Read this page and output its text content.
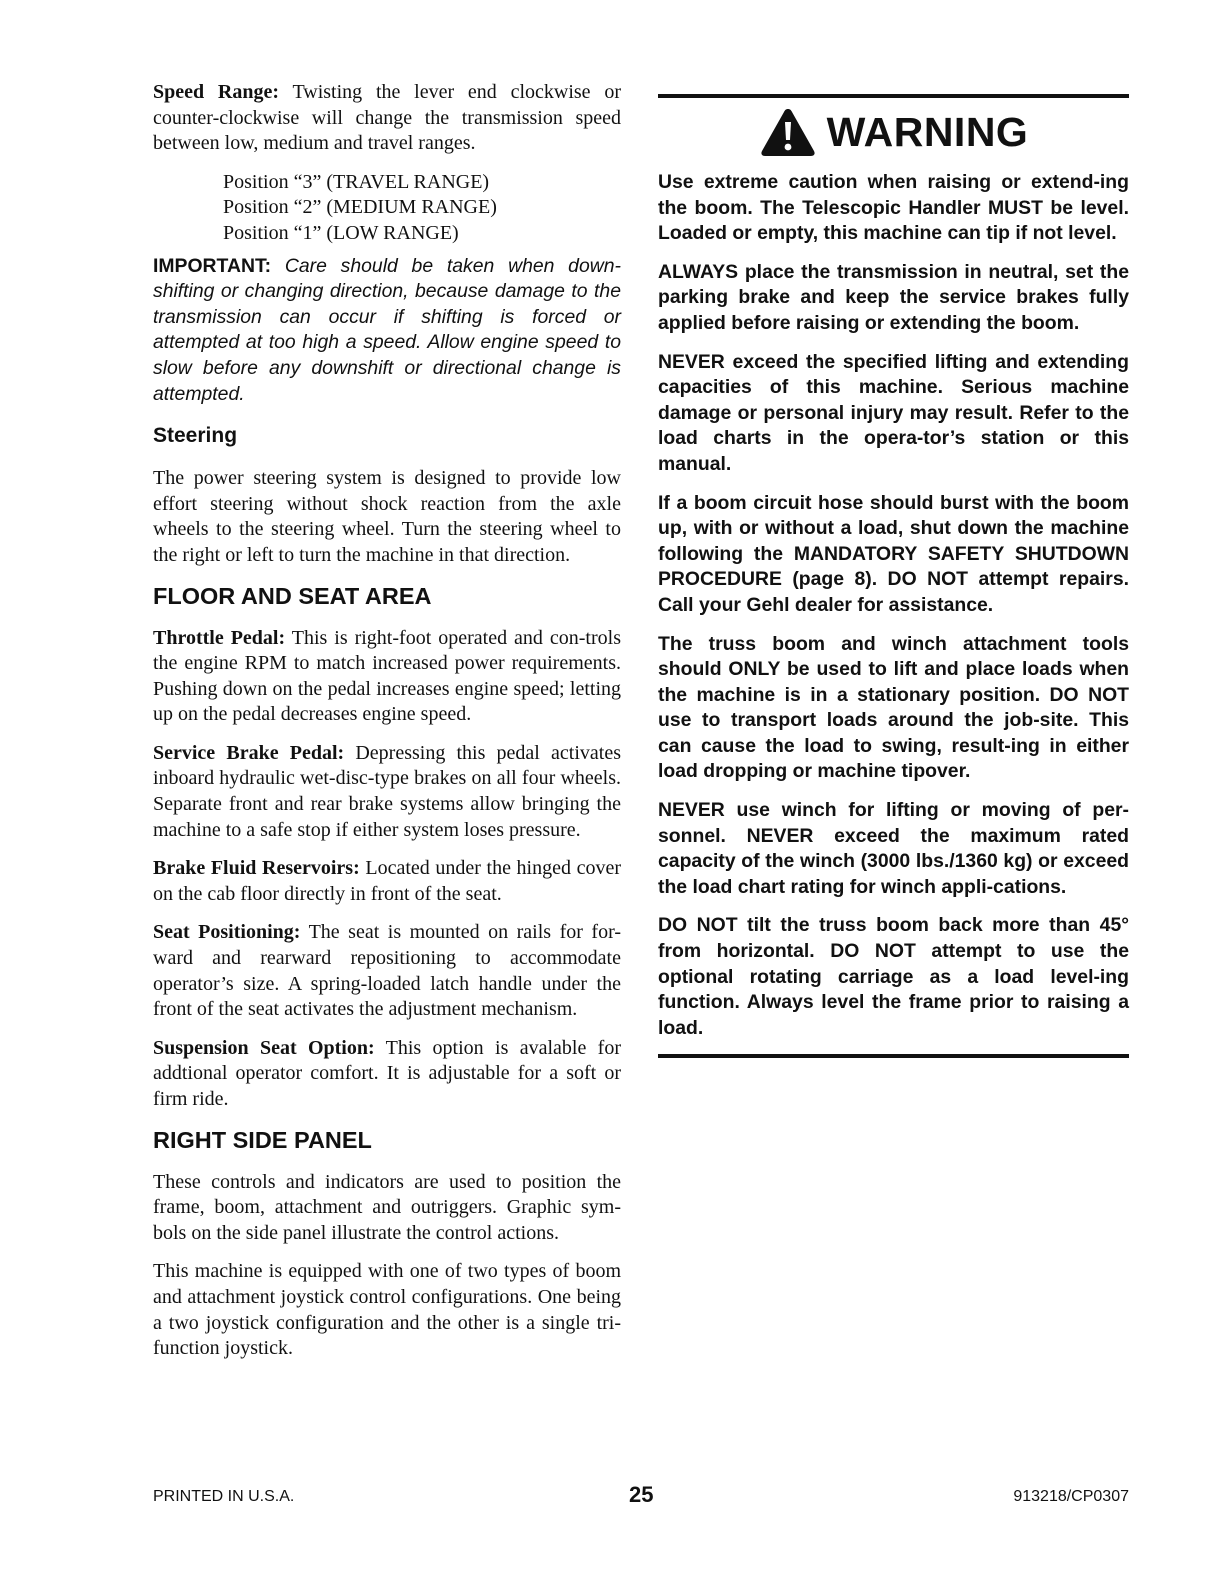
Speed Range: Twisting the lever end clockwise or counter-clockwise will change the transmission speed between low, medium and travel ranges.

Position “3” (TRAVEL RANGE)
Position “2” (MEDIUM RANGE)
Position “1” (LOW RANGE)

IMPORTANT: Care should be taken when down-shifting or changing direction, because damage to the transmission can occur if shifting is forced or attempted at too high a speed. Allow engine speed to slow before any downshift or directional change is attempted.

Steering

The power steering system is designed to provide low effort steering without shock reaction from the axle wheels to the steering wheel. Turn the steering wheel to the right or left to turn the machine in that direction.

FLOOR AND SEAT AREA

Throttle Pedal: This is right-foot operated and con-trols the engine RPM to match increased power requirements. Pushing down on the pedal increases engine speed; letting up on the pedal decreases engine speed.

Service Brake Pedal: Depressing this pedal activates inboard hydraulic wet-disc-type brakes on all four wheels. Separate front and rear brake systems allow bringing the machine to a safe stop if either system loses pressure.

Brake Fluid Reservoirs: Located under the hinged cover on the cab floor directly in front of the seat.

Seat Positioning: The seat is mounted on rails for for-ward and rearward repositioning to accommodate operator’s size. A spring-loaded latch handle under the front of the seat activates the adjustment mechanism.

Suspension Seat Option: This option is avalable for addtional operator comfort. It is adjustable for a soft or firm ride.

RIGHT SIDE PANEL

These controls and indicators are used to position the frame, boom, attachment and outriggers. Graphic sym-bols on the side panel illustrate the control actions.

This machine is equipped with one of two types of boom and attachment joystick control configurations. One being a two joystick configuration and the other is a single tri-function joystick.

WARNING

Use extreme caution when raising or extend-ing the boom. The Telescopic Handler MUST be level. Loaded or empty, this machine can tip if not level.

ALWAYS place the transmission in neutral, set the parking brake and keep the service brakes fully applied before raising or extending the boom.

NEVER exceed the specified lifting and extending capacities of this machine. Serious machine damage or personal injury may result. Refer to the load charts in the opera-tor’s station or this manual.

If a boom circuit hose should burst with the boom up, with or without a load, shut down the machine following the MANDATORY SAFETY SHUTDOWN PROCEDURE (page 8). DO NOT attempt repairs. Call your Gehl dealer for assistance.

The truss boom and winch attachment tools should ONLY be used to lift and place loads when the machine is in a stationary position. DO NOT use to transport loads around the job-site. This can cause the load to swing, result-ing in either load dropping or machine tipover.

NEVER use winch for lifting or moving of per-sonnel. NEVER exceed the maximum rated capacity of the winch (3000 lbs./1360 kg) or exceed the load chart rating for winch appli-cations.

DO NOT tilt the truss boom back more than 45° from horizontal. DO NOT attempt to use the optional rotating carriage as a load level-ing function. Always level the frame prior to raising a load.

PRINTED IN U.S.A.	25	913218/CP0307
